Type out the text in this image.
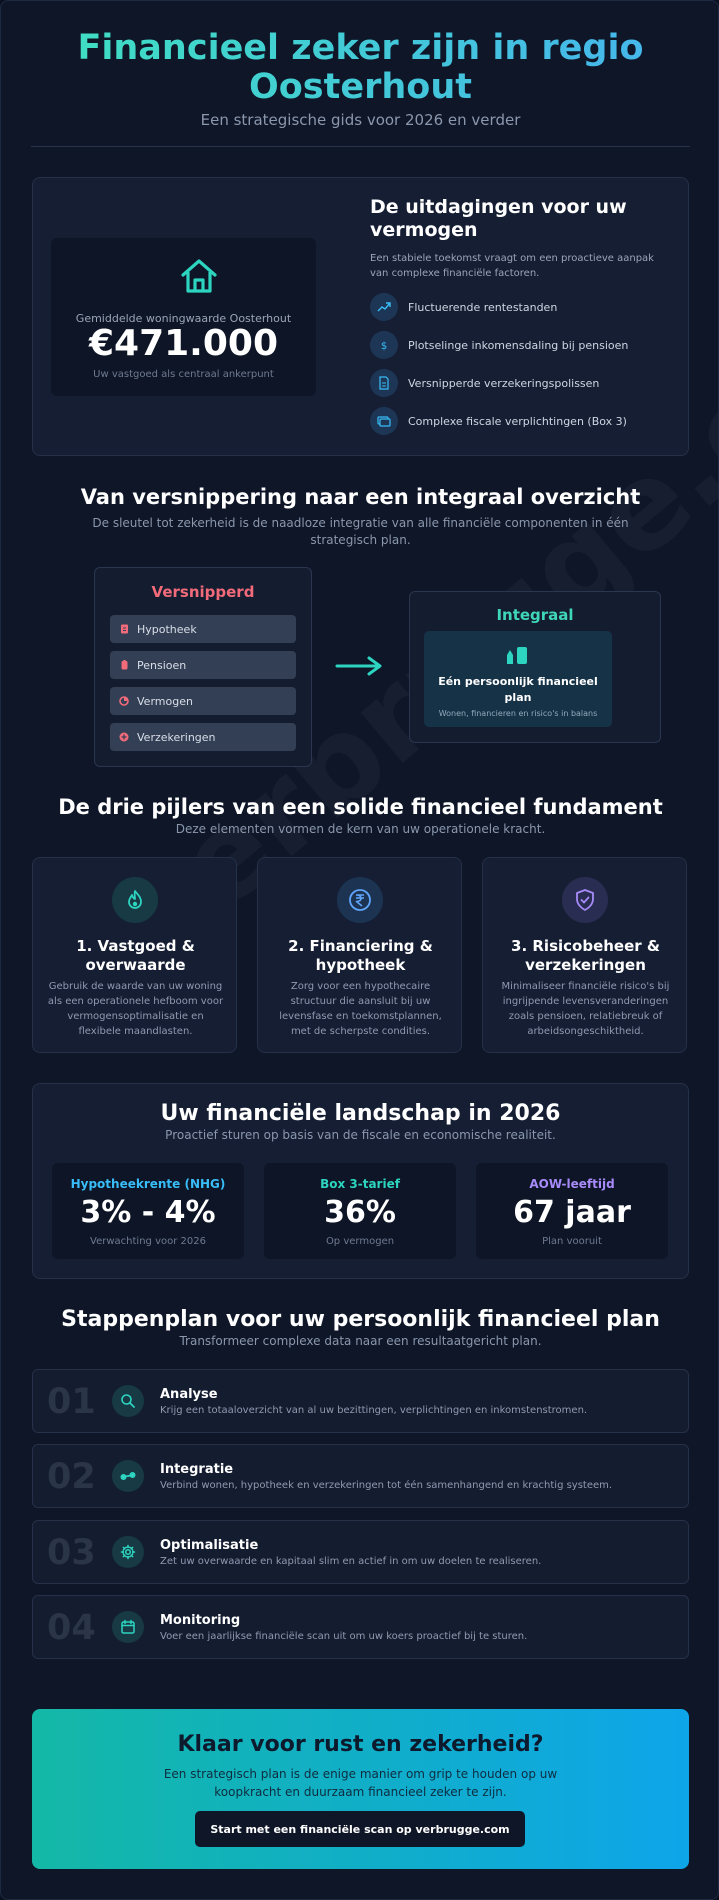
Financieel zeker zijn in regio Oosterhout
Een strategische gids voor 2026 en verder
Gemiddelde woningwaarde Oosterhout
€471.000
Uw vastgoed als centraal ankerpunt
De uitdagingen voor uw vermogen
Een stabiele toekomst vraagt om een proactieve aanpak van complexe financiële factoren.
Fluctuerende rentestanden
$ Plotselinge inkomensdaling bij pensioen
Versnipperde verzekeringspolissen
Complexe fiscale verplichtingen (Box 3)
Van versnippering naar een integraal overzicht
De sleutel tot zekerheid is de naadloze integratie van alle financiële componenten in één strategisch plan.
Versnipperd
Hypotheek
Pensioen
Vermogen
Verzekeringen
Integraal
Eén persoonlijk financieel plan
Wonen, financieren en risico's in balans
De drie pijlers van een solide financieel fundament
Deze elementen vormen de kern van uw operationele kracht.
1. Vastgoed & overwaarde
Gebruik de waarde van uw woning als een operationele hefboom voor vermogensoptimalisatie en flexibele maandlasten.
2. Financiering & hypotheek
Zorg voor een hypothecaire structuur die aansluit bij uw levensfase en toekomstplannen, met de scherpste condities.
3. Risicobeheer & verzekeringen
Minimaliseer financiële risico's bij ingrijpende levensveranderingen zoals pensioen, relatiebreuk of arbeidsongeschiktheid.
Uw financiële landschap in 2026
Proactief sturen op basis van de fiscale en economische realiteit.
Hypotheekrente (NHG)
3% - 4%
Verwachting voor 2026
Box 3-tarief
36%
Op vermogen
AOW-leeftijd
67 jaar
Plan vooruit
Stappenplan voor uw persoonlijk financieel plan
Transformeer complexe data naar een resultaatgericht plan.
01	Analyse
Krijg een totaaloverzicht van al uw bezittingen, verplichtingen en inkomstenstromen.
02	Integratie
Verbind wonen, hypotheek en verzekeringen tot één samenhangend en krachtig systeem.
03	Optimalisatie
Zet uw overwaarde en kapitaal slim en actief in om uw doelen te realiseren.
04	Monitoring
Voer een jaarlijkse financiële scan uit om uw koers proactief bij te sturen.
Klaar voor rust en zekerheid?
Een strategisch plan is de enige manier om grip te houden op uw koopkracht en duurzaam financieel zeker te zijn.
Start met een financiële scan op verbrugge.com
